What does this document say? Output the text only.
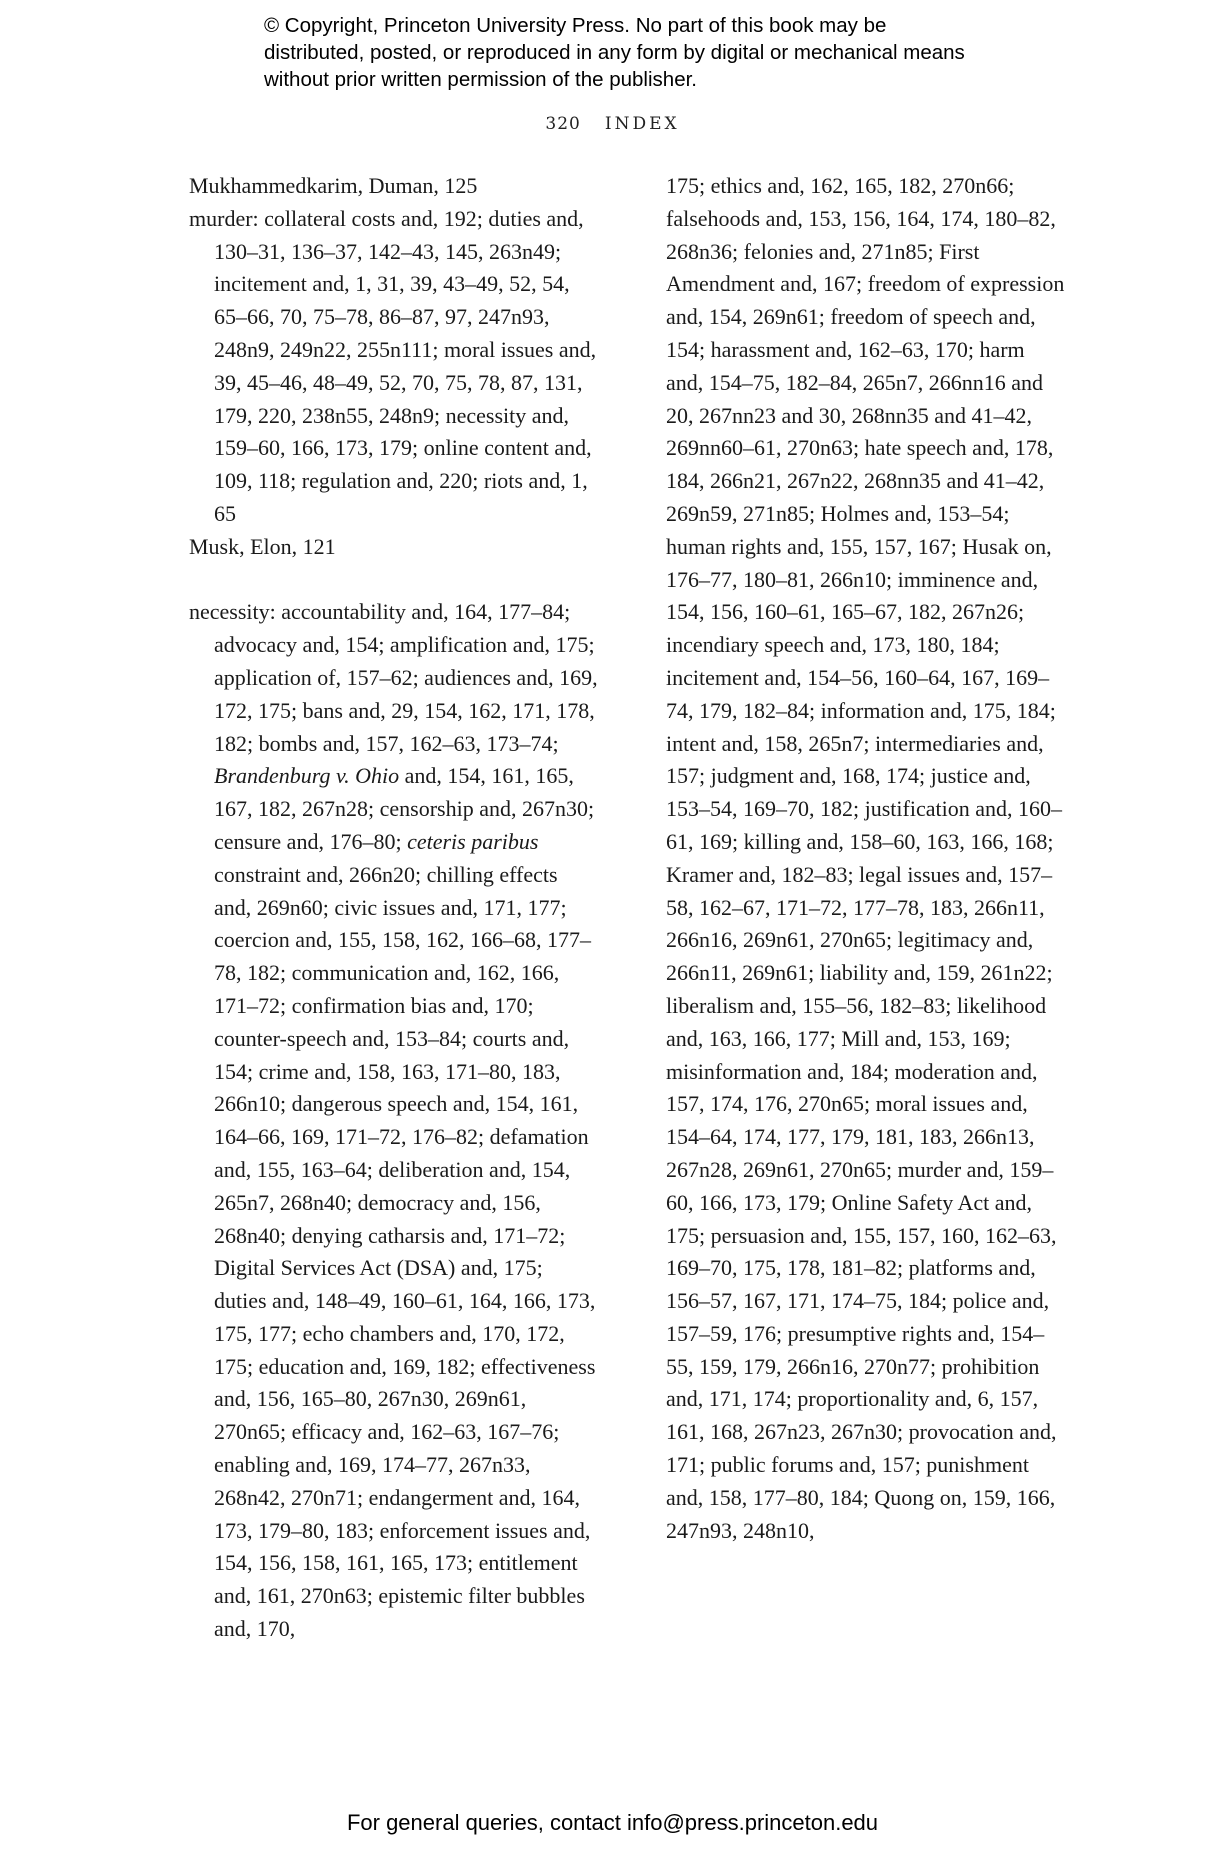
© Copyright, Princeton University Press. No part of this book may be distributed, posted, or reproduced in any form by digital or mechanical means without prior written permission of the publisher.

320 INDEX

Mukhammedkarim, Duman, 125

murder: collateral costs and, 192; duties and, 130–31, 136–37, 142–43, 145, 263n49; incitement and, 1, 31, 39, 43–49, 52, 54, 65–66, 70, 75–78, 86–87, 97, 247n93, 248n9, 249n22, 255n111; moral issues and, 39, 45–46, 48–49, 52, 70, 75, 78, 87, 131, 179, 220, 238n55, 248n9; necessity and, 159–60, 166, 173, 179; online content and, 109, 118; regulation and, 220; riots and, 1, 65

Musk, Elon, 121

necessity: accountability and, 164, 177–84; advocacy and, 154; amplification and, 175; application of, 157–62; audiences and, 169, 172, 175; bans and, 29, 154, 162, 171, 178, 182; bombs and, 157, 162–63, 173–74; Brandenburg v. Ohio and, 154, 161, 165, 167, 182, 267n28; censorship and, 267n30; censure and, 176–80; ceteris paribus constraint and, 266n20; chilling effects and, 269n60; civic issues and, 171, 177; coercion and, 155, 158, 162, 166–68, 177–78, 182; communication and, 162, 166, 171–72; confirmation bias and, 170; counter-speech and, 153–84; courts and, 154; crime and, 158, 163, 171–80, 183, 266n10; dangerous speech and, 154, 161, 164–66, 169, 171–72, 176–82; defamation and, 155, 163–64; deliberation and, 154, 265n7, 268n40; democracy and, 156, 268n40; denying catharsis and, 171–72; Digital Services Act (DSA) and, 175; duties and, 148–49, 160–61, 164, 166, 173, 175, 177; echo chambers and, 170, 172, 175; education and, 169, 182; effectiveness and, 156, 165–80, 267n30, 269n61, 270n65; efficacy and, 162–63, 167–76; enabling and, 169, 174–77, 267n33, 268n42, 270n71; endangerment and, 164, 173, 179–80, 183; enforcement issues and, 154, 156, 158, 161, 165, 173; entitlement and, 161, 270n63; epistemic filter bubbles and, 170,

175; ethics and, 162, 165, 182, 270n66; falsehoods and, 153, 156, 164, 174, 180–82, 268n36; felonies and, 271n85; First Amendment and, 167; freedom of expression and, 154, 269n61; freedom of speech and, 154; harassment and, 162–63, 170; harm and, 154–75, 182–84, 265n7, 266nn16 and 20, 267nn23 and 30, 268nn35 and 41–42, 269nn60–61, 270n63; hate speech and, 178, 184, 266n21, 267n22, 268nn35 and 41–42, 269n59, 271n85; Holmes and, 153–54; human rights and, 155, 157, 167; Husak on, 176–77, 180–81, 266n10; imminence and, 154, 156, 160–61, 165–67, 182, 267n26; incendiary speech and, 173, 180, 184; incitement and, 154–56, 160–64, 167, 169–74, 179, 182–84; information and, 175, 184; intent and, 158, 265n7; intermediaries and, 157; judgment and, 168, 174; justice and, 153–54, 169–70, 182; justification and, 160–61, 169; killing and, 158–60, 163, 166, 168; Kramer and, 182–83; legal issues and, 157–58, 162–67, 171–72, 177–78, 183, 266n11, 266n16, 269n61, 270n65; legitimacy and, 266n11, 269n61; liability and, 159, 261n22; liberalism and, 155–56, 182–83; likelihood and, 163, 166, 177; Mill and, 153, 169; misinformation and, 184; moderation and, 157, 174, 176, 270n65; moral issues and, 154–64, 174, 177, 179, 181, 183, 266n13, 267n28, 269n61, 270n65; murder and, 159–60, 166, 173, 179; Online Safety Act and, 175; persuasion and, 155, 157, 160, 162–63, 169–70, 175, 178, 181–82; platforms and, 156–57, 167, 171, 174–75, 184; police and, 157–59, 176; presumptive rights and, 154–55, 159, 179, 266n16, 270n77; prohibition and, 171, 174; proportionality and, 6, 157, 161, 168, 267n23, 267n30; provocation and, 171; public forums and, 157; punishment and, 158, 177–80, 184; Quong on, 159, 166, 247n93, 248n10,

For general queries, contact info@press.princeton.edu
